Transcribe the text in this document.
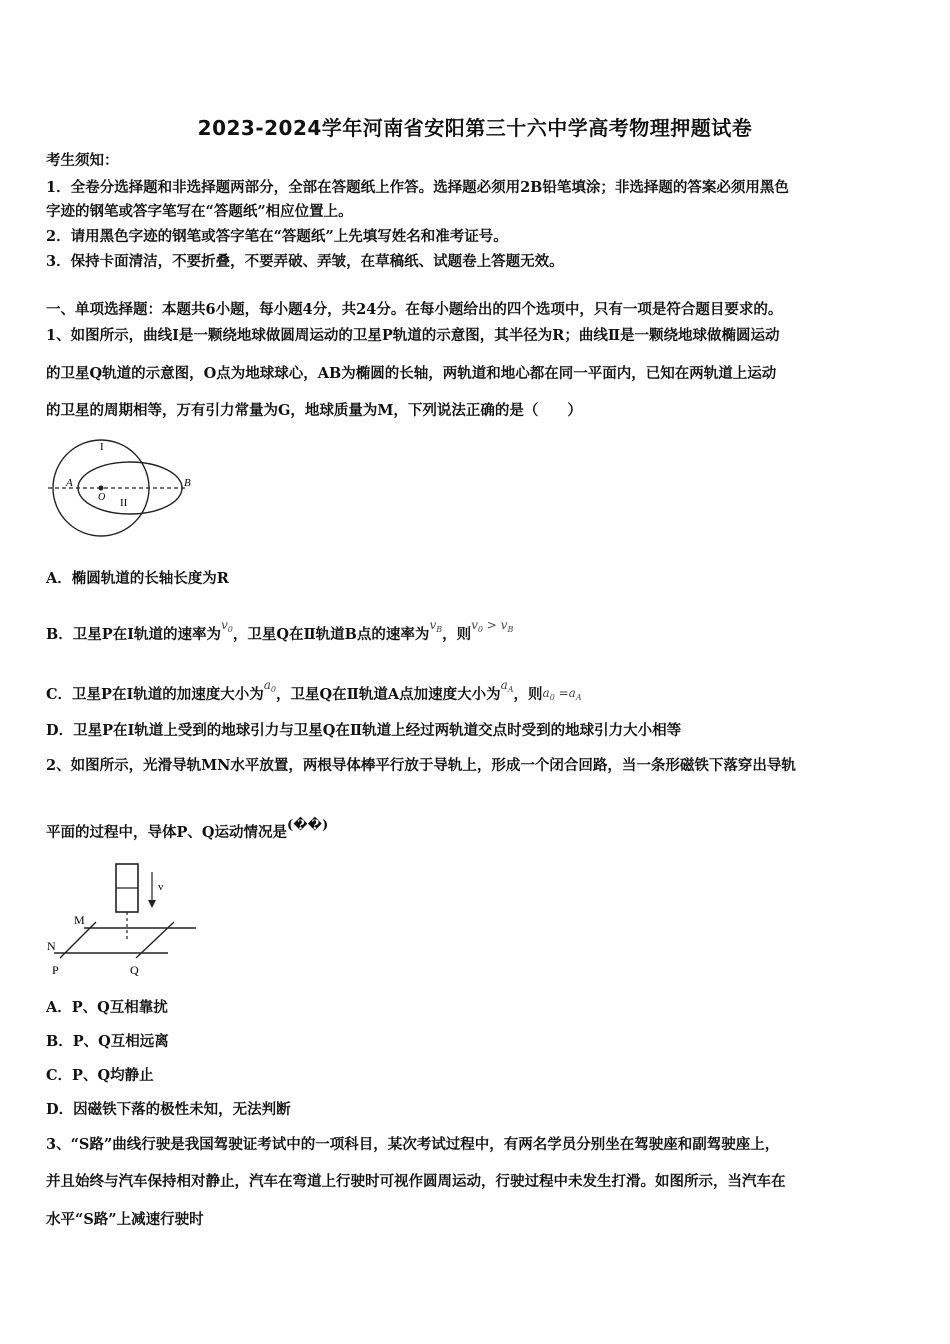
2023-2024学年河南省安阳第三十六中学高考物理押题试卷
考生须知：
1．全卷分选择题和非选择题两部分，全部在答题纸上作答。选择题必须用2B铅笔填涂；非选择题的答案必须用黑色
字迹的钢笔或答字笔写在“答题纸”相应位置上。
2．请用黑色字迹的钢笔或答字笔在“答题纸”上先填写姓名和准考证号。
3．保持卡面清洁，不要折叠，不要弄破、弄皱，在草稿纸、试题卷上答题无效。
一、单项选择题：本题共6小题，每小题4分，共24分。在每小题给出的四个选项中，只有一项是符合题目要求的。
1、如图所示，曲线Ⅰ是一颗绕地球做圆周运动的卫星P轨道的示意图，其半径为R；曲线Ⅱ是一颗绕地球做椭圆运动
的卫星Q轨道的示意图，O点为地球球心，AB为椭圆的长轴，两轨道和地心都在同一平面内，已知在两轨道上运动
的卫星的周期相等，万有引力常量为G，地球质量为M，下列说法正确的是（　　）
I
II
A	B
O
A．椭圆轨道的长轴长度为R
B．卫星P在Ⅰ轨道的速率为$^{v_0}$，卫星Q在Ⅱ轨道B点的速率为$^{v_B}$，则$^{v_0 > v_B}$
C．卫星P在Ⅰ轨道的加速度大小为$^{a_0}$，卫星Q在Ⅱ轨道A点加速度大小为$^{a_A}$，则$a_0 =a_A$
D．卫星P在Ⅰ轨道上受到的地球引力与卫星Q在Ⅱ轨道上经过两轨道交点时受到的地球引力大小相等
2、如图所示，光滑导轨MN水平放置，两根导体棒平行放于导轨上，形成一个闭合回路，当一条形磁铁下落穿出导轨
平面的过程中，导体P、Q运动情况是(��)
v
M
N
P	Q
A．P、Q互相靠扰
B．P、Q互相远离
C．P、Q均静止
D．因磁铁下落的极性未知，无法判断
3、“S路”曲线行驶是我国驾驶证考试中的一项科目，某次考试过程中，有两名学员分别坐在驾驶座和副驾驶座上，
并且始终与汽车保持相对静止，汽车在弯道上行驶时可视作圆周运动，行驶过程中未发生打滑。如图所示，当汽车在
水平“S路”上减速行驶时
